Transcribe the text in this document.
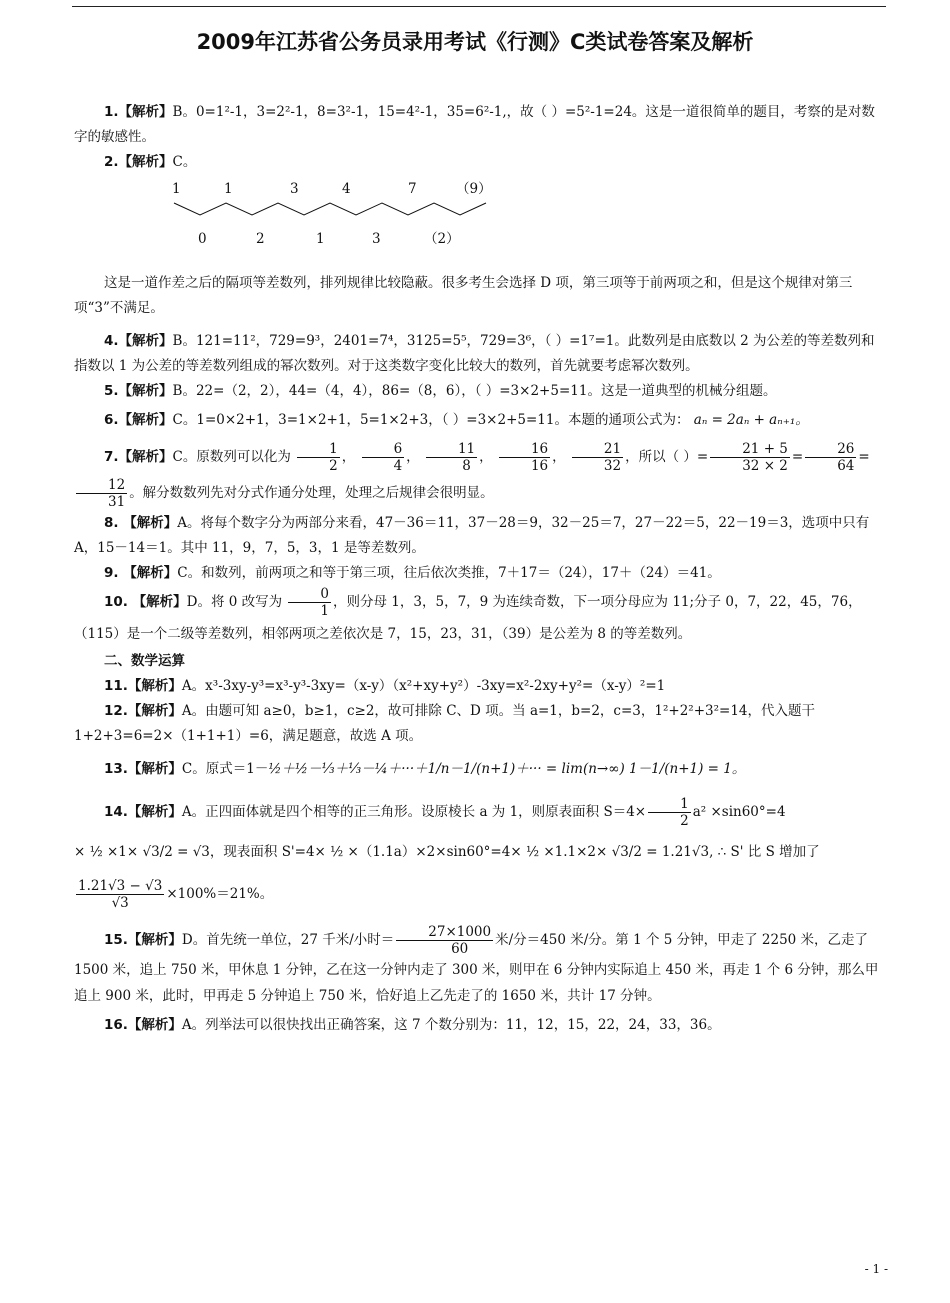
2009年江苏省公务员录用考试《行测》C类试卷答案及解析

1.【解析】B。0=1²-1，3=2²-1，8=3²-1，15=4²-1，35=6²-1,，故（ ）=5²-1=24。这是一道很简单的题目，考察的是对数字的敏感性。

2.【解析】C。

1	1	3	4	7	（9）
0	2	1	3	（2）

这是一道作差之后的隔项等差数列，排列规律比较隐蔽。很多考生会选择 D 项，第三项等于前两项之和，但是这个规律对第三项“3”不满足。

4.【解析】B。121=11²，729=9³，2401=7⁴，3125=5⁵，729=3⁶，（ ）=1⁷=1。此数列是由底数以 2 为公差的等差数列和指数以 1 为公差的等差数列组成的幂次数列。对于这类数字变化比较大的数列，首先就要考虑幂次数列。

5.【解析】B。22=（2，2），44=（4，4），86=（8，6），（ ）=3×2+5=11。这是一道典型的机械分组题。

6.【解析】C。1=0×2+1，3=1×2+1，5=1×2+3，（ ）=3×2+5=11。本题的通项公式为： aₙ = 2aₙ + aₙ₊₁。

7.【解析】C。原数列可以化为 $\frac{1}{2}$ ， $\frac{6}{4}$ ， $\frac{11}{8}$ ， $\frac{16}{16}$ ， $\frac{21}{32}$ ，所以（ ）= $\frac{21 + 5}{32 \times 2} = \frac{26}{64}$ =
$\frac{12}{31}$ 。解分数数列先对分式作通分处理，处理之后规律会很明显。

8. 【解析】A。将每个数字分为两部分来看，47－36＝11，37－28＝9，32－25＝7，27－22＝5，22－19＝3，选项中只有 A，15－14＝1。其中 11，9，7，5，3，1 是等差数列。

9. 【解析】C。和数列，前两项之和等于第三项，往后依次类推，7＋17＝（24），17＋（24）＝41。

10. 【解析】D。将 0 改写为 $\frac{0}{1}$ ，则分母 1，3，5，7，9 为连续奇数，下一项分母应为 11;分子 0，7，22，45，76，（115）是一个二级等差数列，相邻两项之差依次是 7，15，23，31，（39）是公差为 8 的等差数列。

二、数学运算

11.【解析】A。x³-3xy-y³=x³-y³-3xy=（x-y）（x²+xy+y²）-3xy=x²-2xy+y²=（x-y）²=1

12.【解析】A。由题可知 a≥0，b≥1，c≥2，故可排除 C、D 项。当 a=1，b=2，c=3，1²+2²+3²=14，代入题干 1+2+3=6=2×（1+1+1）=6，满足题意，故选 A 项。

13.【解析】C。原式＝1－½＋½－⅓＋⅓－¼＋···＋1/n－1/(n+1)＋··· = lim(n→∞) 1－1/(n+1) = 1。

14.【解析】A。正四面体就是四个相等的正三角形。设原棱长 a 为 1，则原表面积 $S=4\times \frac{1}{2} a^2 \times\sin 60^\circ=4$

× ½ ×1× √3/2 = √3，现表面积 S'=4× ½ ×（1.1a）×2×sin60°=4× ½ ×1.1×2× √3/2 = 1.21√3, ∴ S' 比 S 增加了

$\frac{1.21√3 - √3}{√3} \times 100\%=21\%$。

15.【解析】D。首先统一单位，27 千米/小时＝ $\frac{27\times 1000}{60}$ 米/分＝450 米/分。第 1 个 5 分钟，甲走了 2250 米，乙走了 1500 米，追上 750 米，甲休息 1 分钟，乙在这一分钟内走了 300 米，则甲在 6 分钟内实际追上 450 米，再走 1 个 6 分钟，那么甲追上 900 米，此时，甲再走 5 分钟追上 750 米，恰好追上乙先走了的 1650 米，共计 17 分钟。

16.【解析】A。列举法可以很快找出正确答案，这 7 个数分别为：11，12，15，22，24，33，36。

- 1 -
